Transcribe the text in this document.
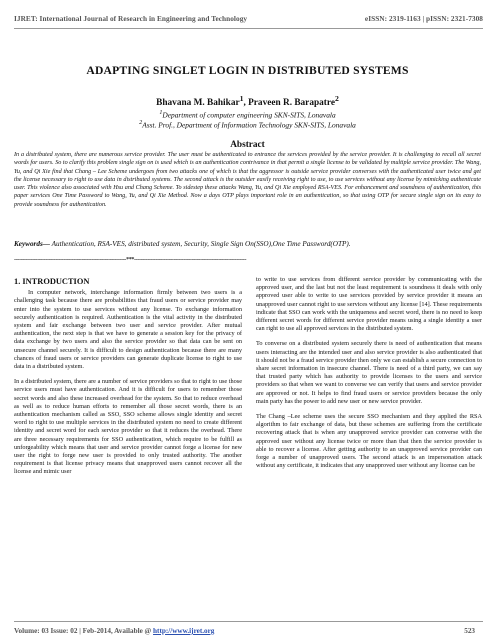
IJRET: International Journal of Research in Engineering and Technology	eISSN: 2319-1163 | pISSN: 2321-7308
ADAPTING SINGLET LOGIN IN DISTRIBUTED SYSTEMS
Bhavana M. Bahikar$^1$, Praveen R. Barapatre$^2$
$^1$Department of computer engineering SKN-SITS, Lonavala
$^2$Asst. Prof., Department of Information Technology SKN-SITS, Lonavala
Abstract
In a distributed system, there are numerous service provider. The user must be authenticated to entrance the services provided by the service provider. It is challenging to recall all secret words for users. So to clarify this problem single sign on is used which is an authentication contrivance in that permit a single license to be validated by multiple service provider. The Wang, Yu, and Qi Xie find that Chang – Lee Scheme undergoes from two attacks one of which is that the aggressor is outside service provider converses with the authenticated user twice and get the license necessary to right to use data in distributed systems. The second attack is the outsider easily receiving right to use, to use services without any license by mimicking authenticate user. This violence also associated with Hsu and Chang Scheme. To sidestep these attacks Wang, Yu, and Qi Xie employed RSA-VES. For enhancement and soundness of authentication, this paper services One Time Password to Wang, Yu, and Qi Xie Method. Now a days OTP plays important role in an authentication, so that using OTP for secure single sign on its easy to provide soundness for authentication.
Keywords— Authentication, RSA-VES, distributed system, Security, Single Sign On(SSO),One Time Password(OTP).
--------------------------------------------------------------------***--------------------------------------------------------------------
1. INTRODUCTION

In computer network, interchange information firmly between two users is a challenging task because there are probabilities that fraud users or service provider may enter into the system to use services without any license. To exchange information securely authentication is required. Authentication is the vital activity in the distributed system and fair exchange between two user and service provider. After mutual authentication, the next step is that we have to generate a session key for the privacy of data exchange by two users and also the service provider so that data can be sent on unsecure channel securely. It is difficult to design authentication because there are many chances of fraud users or service providers can generate duplicate license to right to use data in a distributed system.

In a distributed system, there are a number of service providers so that to right to use those service users must have authentication. And it is difficult for users to remember those secret words and also these increased overhead for the system. So that to reduce overhead as well as to reduce human efforts to remember all those secret words, there is an authentication mechanism called as SSO, SSO scheme allows single identity and secret word to right to use multiple services in the distributed system no need to create different identity and secret word for each service provider so that it reduces the overhead. There are three necessary requirements for SSO authentication, which require to be fulfill as unforgeability which means that user and service provider cannot forge a license for new user the right to forge new user is provided to only trusted authority. The another requirement is that license privacy means that unapproved users cannot recover all the license and mimic user

to write to use services from different service provider by communicating with the approved user, and the last but not the least requirement is soundness it deals with only approved user able to write to use services provided by service provider it means an unapproved user cannot right to use services without any license [14]. These requirements indicate that SSO can work with the uniqueness and secret word, there is no need to keep different secret words for different service provider means using a single identity a user can right to use all approved services in the distributed system.

To converse on a distributed system securely there is need of authentication that means users interacting are the intended user and also service provider is also authenticated that it should not be a fraud service provider then only we can establish a secure connection to share secret information in insecure channel. There is need of a third party, we can say that trusted party which has authority to provide licenses to the users and service providers so that when we want to converse we can verify that users and service provider are approved or not. It helps to find fraud users or service providers because the only main party has the power to add new user or new service provider.

The Chang –Lee scheme uses the secure SSO mechanism and they applied the RSA algorithm to fair exchange of data, but these schemes are suffering from the certificate recovering attack that is when any unapproved service provider can converse with the approved user without any license twice or more than that then the service provider is able to recover a license. After getting authority to an unapproved service provider can forge a number of unapproved users. The second attack is an impersonation attack without any certificate, it indicates that any unapproved user without any license can be

Volume: 03 Issue: 02 | Feb-2014, Available @ http://www.ijret.org	523
